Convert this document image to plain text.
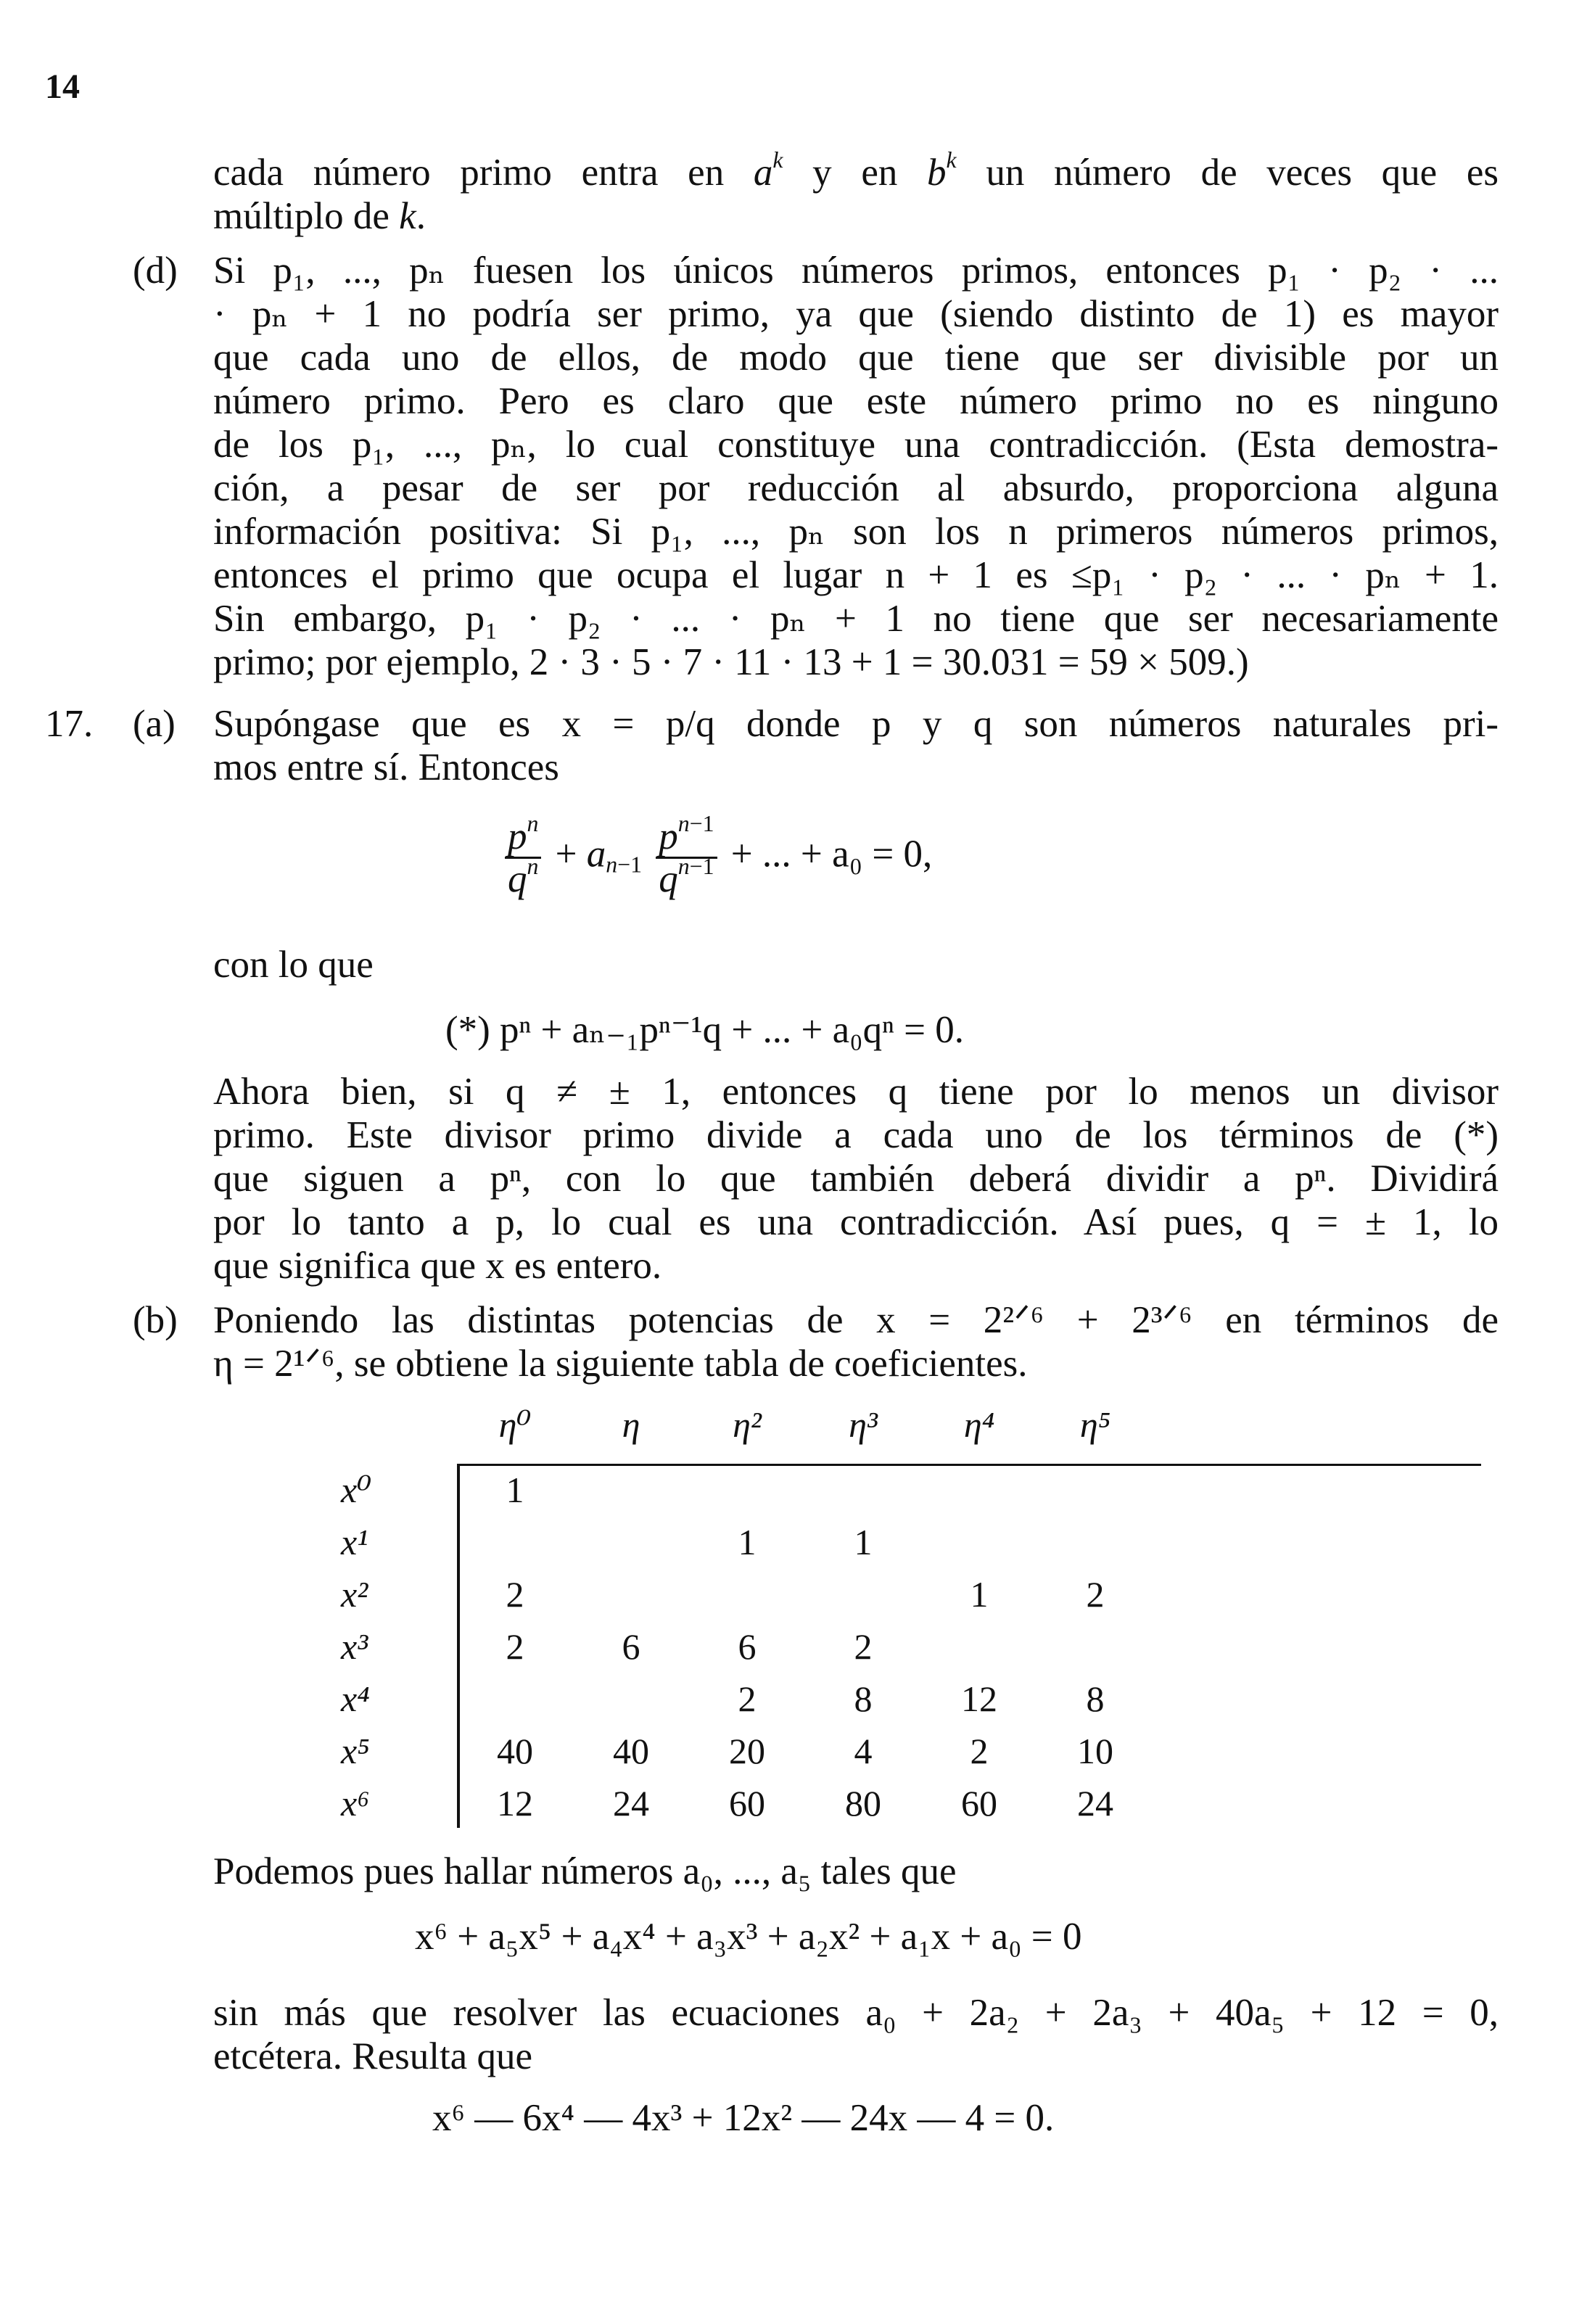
14
cada número primo entra en $a^k$ y en $b^k$ un número de veces que es
múltiplo de k.
(d) Si p₁, ..., pₙ fuesen los únicos números primos, entonces p₁ · p₂ · ...
· pₙ + 1 no podría ser primo, ya que (siendo distinto de 1) es mayor
que cada uno de ellos, de modo que tiene que ser divisible por un
número primo. Pero es claro que este número primo no es ninguno
de los p₁, ..., pₙ, lo cual constituye una contradicción. (Esta demostra-
ción, a pesar de ser por reducción al absurdo, proporciona alguna
información positiva: Si p₁, ..., pₙ son los n primeros números primos,
entonces el primo que ocupa el lugar n + 1 es ≤p₁ · p₂ · ... · pₙ + 1.
Sin embargo, p₁ · p₂ · ... · pₙ + 1 no tiene que ser necesariamente
primo; por ejemplo, 2 · 3 · 5 · 7 · 11 · 13 + 1 = 30.031 = 59 × 509.)
17. (a) Supóngase que es x = p/q donde p y q son números naturales pri-
mos entre sí. Entonces
$\frac{p^n}{q^n} + a_{n-1} \frac{p^{n-1}}{q^{n-1}}$ + ... + a₀ = 0,
con lo que
(*) pⁿ + aₙ₋₁pⁿ⁻¹q + ... + a₀qⁿ = 0.
Ahora bien, si q ≠ ± 1, entonces q tiene por lo menos un divisor
primo. Este divisor primo divide a cada uno de los términos de (*)
que siguen a pⁿ, con lo que también deberá dividir a pⁿ. Dividirá
por lo tanto a p, lo cual es una contradicción. Así pues, q = ± 1, lo
que significa que x es entero.
(b) Poniendo las distintas potencias de x = 2²ᐟ⁶ + 2³ᐟ⁶ en términos de
η = 2¹ᐟ⁶, se obtiene la siguiente tabla de coeficientes.
	η⁰	η	η²	η³	η⁴	η⁵
x⁰	1					
x¹			1	1		
x²	2				1	2
x³	2	6	6	2		
x⁴			2	8	12	8
x⁵	40	40	20	4	2	10
x⁶	12	24	60	80	60	24
Podemos pues hallar números a₀, ..., a₅ tales que
x⁶ + a₅x⁵ + a₄x⁴ + a₃x³ + a₂x² + a₁x + a₀ = 0
sin más que resolver las ecuaciones a₀ + 2a₂ + 2a₃ + 40a₅ + 12 = 0,
etcétera. Resulta que
x⁶ — 6x⁴ — 4x³ + 12x² — 24x — 4 = 0.
